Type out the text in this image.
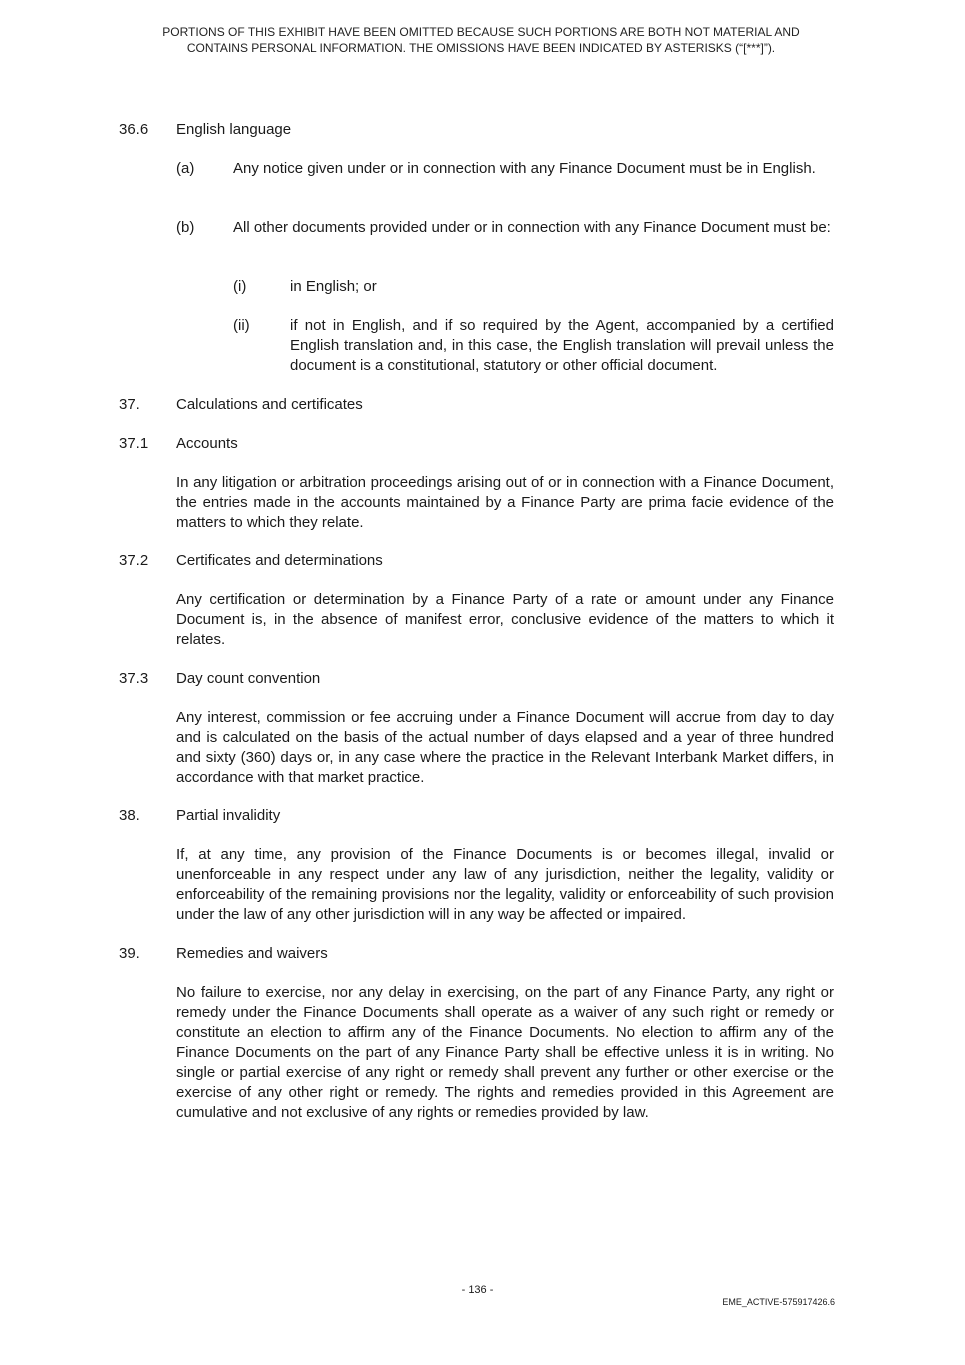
PORTIONS OF THIS EXHIBIT HAVE BEEN OMITTED BECAUSE SUCH PORTIONS ARE BOTH NOT MATERIAL AND
CONTAINS PERSONAL INFORMATION. THE OMISSIONS HAVE BEEN INDICATED BY ASTERISKS (“[***]”).
36.6 English language
(a)	Any notice given under or in connection with any Finance Document must be in English.

(b)	All other documents provided under or in connection with any Finance Document must be:

(i)	in English; or

(ii)	if not in English, and if so required by the Agent, accompanied by a certified English translation and, in this case, the English translation will prevail unless the document is a constitutional, statutory or other official document.

37. Calculations and certificates
37.1 Accounts

In any litigation or arbitration proceedings arising out of or in connection with a Finance Document, the entries made in the accounts maintained by a Finance Party are prima facie evidence of the matters to which they relate.

37.2 Certificates and determinations

Any certification or determination by a Finance Party of a rate or amount under any Finance Document is, in the absence of manifest error, conclusive evidence of the matters to which it relates.

37.3 Day count convention

Any interest, commission or fee accruing under a Finance Document will accrue from day to day and is calculated on the basis of the actual number of days elapsed and a year of three hundred and sixty (360) days or, in any case where the practice in the Relevant Interbank Market differs, in accordance with that market practice.

38. Partial invalidity

If, at any time, any provision of the Finance Documents is or becomes illegal, invalid or unenforceable in any respect under any law of any jurisdiction, neither the legality, validity or enforceability of the remaining provisions nor the legality, validity or enforceability of such provision under the law of any other jurisdiction will in any way be affected or impaired.

39. Remedies and waivers

No failure to exercise, nor any delay in exercising, on the part of any Finance Party, any right or remedy under the Finance Documents shall operate as a waiver of any such right or remedy or constitute an election to affirm any of the Finance Documents. No election to affirm any of the Finance Documents on the part of any Finance Party shall be effective unless it is in writing. No single or partial exercise of any right or remedy shall prevent any further or other exercise or the exercise of any other right or remedy. The rights and remedies provided in this Agreement are cumulative and not exclusive of any rights or remedies provided by law.

- 136 -
EME_ACTIVE-575917426.6
